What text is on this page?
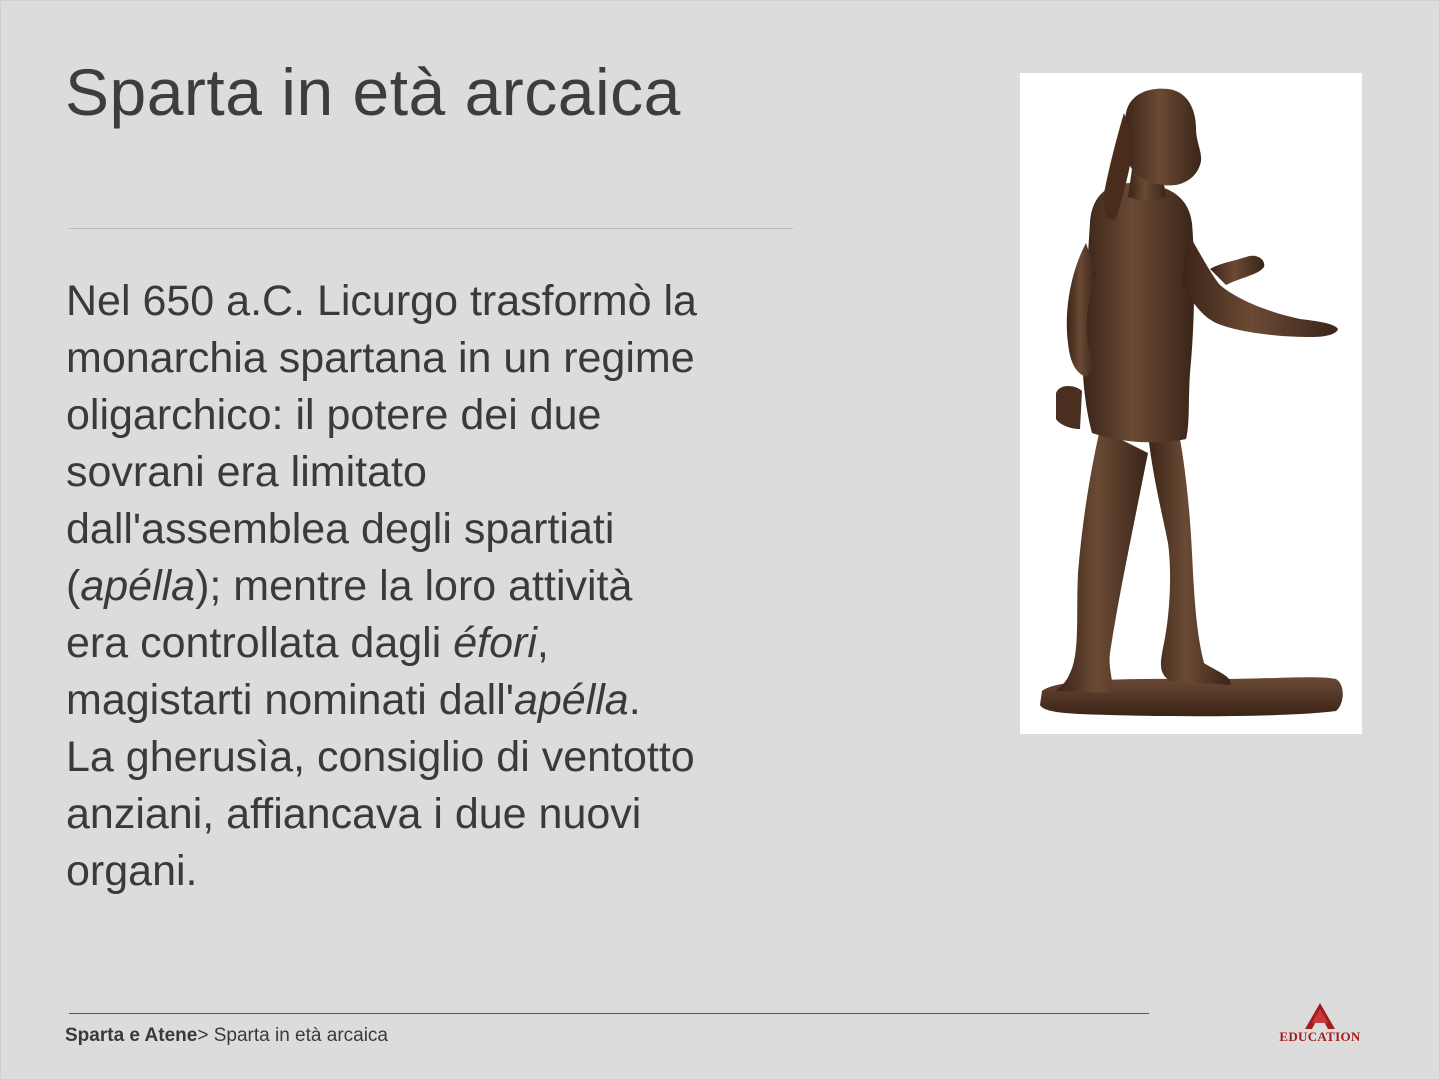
Sparta in età arcaica

Nel 650 a.C. Licurgo trasformò la
monarchia spartana in un regime
oligarchico: il potere dei due
sovrani era limitato
dall'assemblea degli spartiati
(apélla); mentre la loro attività
era controllata dagli éfori,
magistarti nominati dall'apélla.
La gherusìa, consiglio di ventotto
anziani, affiancava i due nuovi
organi.

Sparta e Atene> Sparta in età arcaica	EDUCATION
